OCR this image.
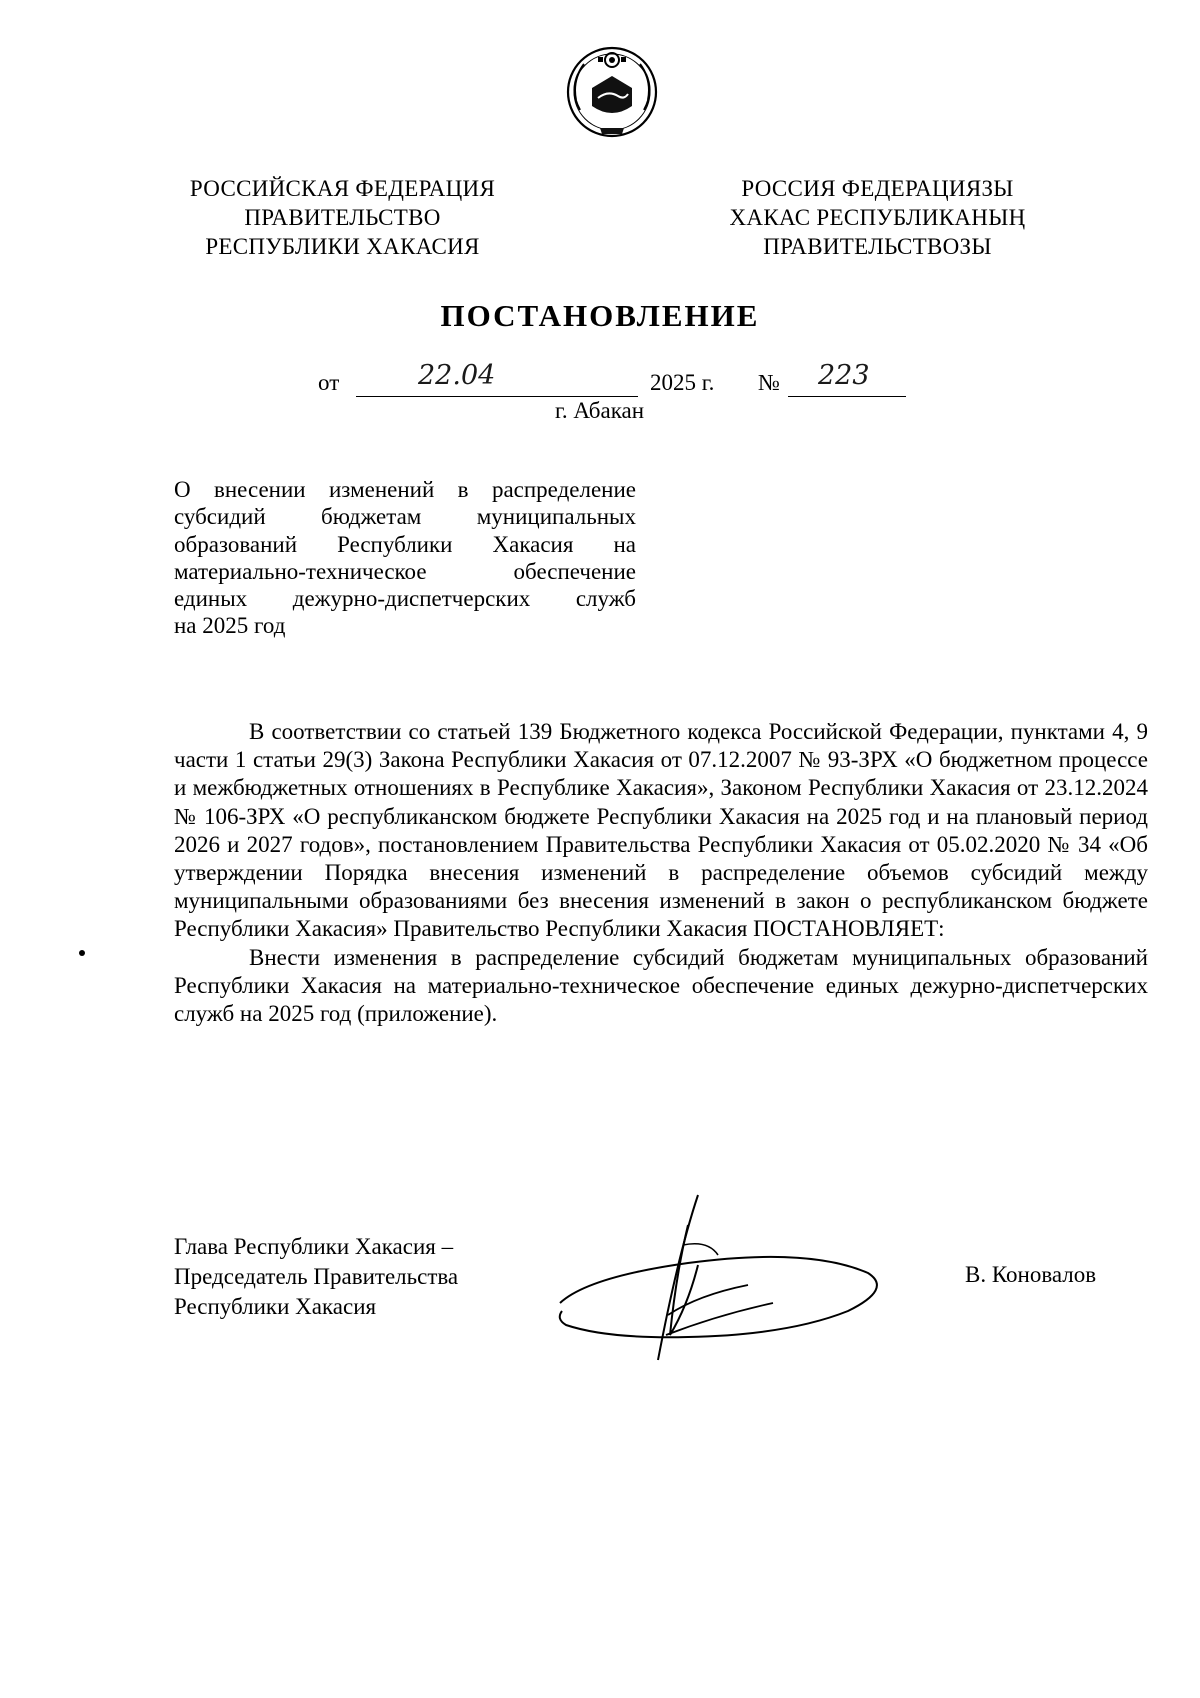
РОССИЙСКАЯ ФЕДЕРАЦИЯ
ПРАВИТЕЛЬСТВО
РЕСПУБЛИКИ ХАКАСИЯ
РОССИЯ ФЕДЕРАЦИЯЗЫ
ХАКАС РЕСПУБЛИКАНЫҢ
ПРАВИТЕЛЬСТВОЗЫ
ПОСТАНОВЛЕНИЕ
от	22.04	2025 г. № 223
г. Абакан
О внесении изменений в распределение
субсидий бюджетам муниципальных
образований Республики Хакасия на
материально-техническое обеспечение
единых дежурно-диспетчерских служб
на 2025 год

В соответствии со статьей 139 Бюджетного кодекса Российской Федерации, пунктами 4, 9 части 1 статьи 29(3) Закона Республики Хакасия от 07.12.2007 № 93-ЗРХ «О бюджетном процессе и межбюджетных отношениях в Республике Хакасия», Законом Республики Хакасия от 23.12.2024 № 106-ЗРХ «О республиканском бюджете Республики Хакасия на 2025 год и на плановый период 2026 и 2027 годов», постановлением Правительства Республики Хакасия от 05.02.2020 № 34 «Об утверждении Порядка внесения изменений в распределение объемов субсидий между муниципальными образованиями без внесения изменений в закон о республиканском бюджете Республики Хакасия» Правительство Республики Хакасия ПОСТАНОВЛЯЕТ:

Внести изменения в распределение субсидий бюджетам муниципальных образований Республики Хакасия на материально-техническое обеспечение единых дежурно-диспетчерских служб на 2025 год (приложение).

Глава Республики Хакасия –
Председатель Правительства
Республики Хакасия
В. Коновалов
